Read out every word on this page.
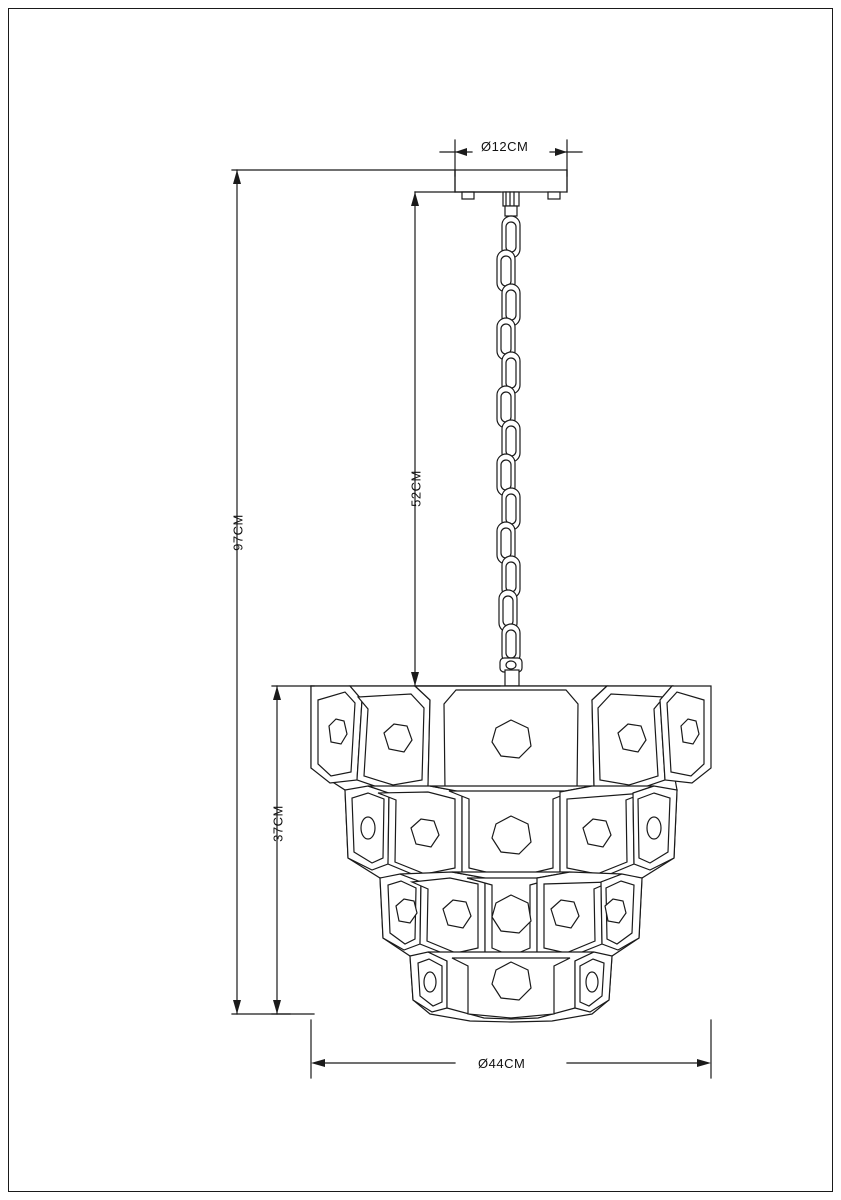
Ø12CM
52CM
97CM
37CM
Ø44CM
